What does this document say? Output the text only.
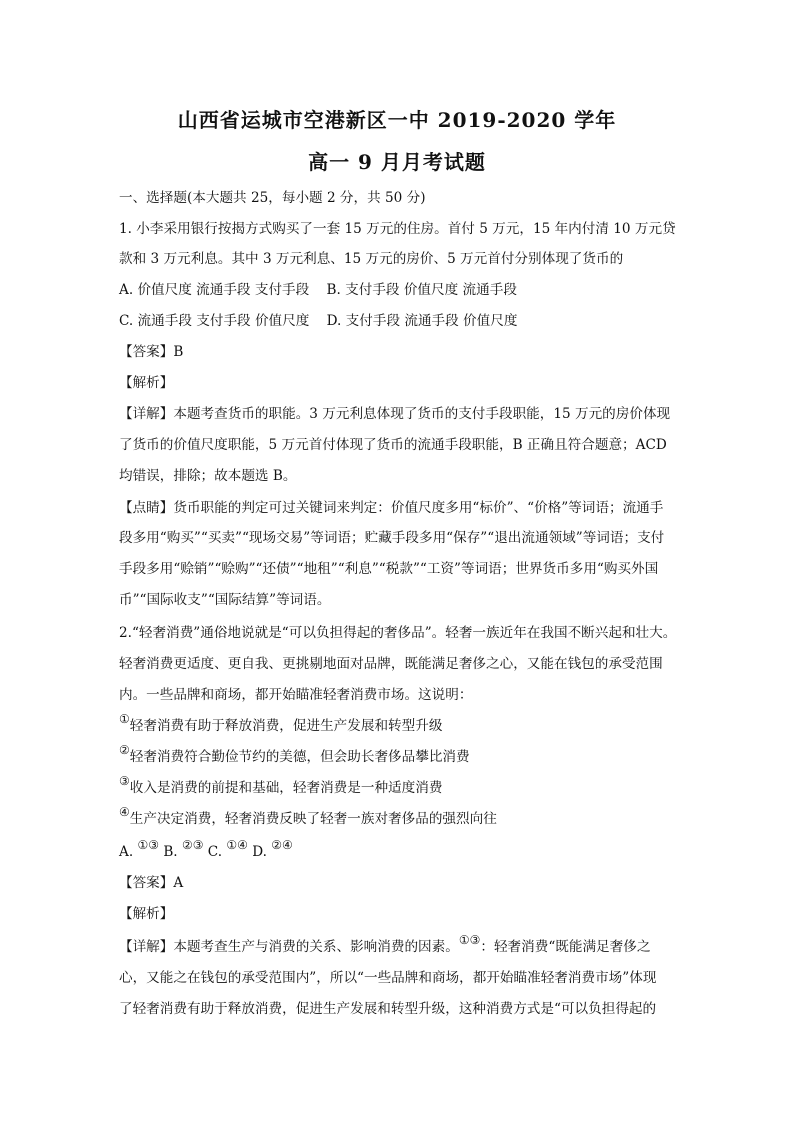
山西省运城市空港新区一中 2019-2020 学年
高一 9 月月考试题
一、选择题(本大题共 25，每小题 2 分，共 50 分)
1. 小李采用银行按揭方式购买了一套 15 万元的住房。首付 5 万元，15 年内付清 10 万元贷
款和 3 万元利息。其中 3 万元利息、15 万元的房价、5 万元首付分别体现了货币的
A. 价值尺度 流通手段 支付手段    B. 支付手段 价值尺度 流通手段
C. 流通手段 支付手段 价值尺度    D. 支付手段 流通手段 价值尺度
【答案】B
【解析】
【详解】本题考查货币的职能。3 万元利息体现了货币的支付手段职能，15 万元的房价体现
了货币的价值尺度职能，5 万元首付体现了货币的流通手段职能，B 正确且符合题意；ACD
均错误，排除；故本题选 B。
【点睛】货币职能的判定可过关键词来判定：价值尺度多用“标价”、“价格”等词语；流通手
段多用“购买”“买卖”“现场交易”等词语；贮藏手段多用“保存”“退出流通领域”等词语；支付
手段多用“赊销”“赊购”“还债”“地租”“利息”“税款”“工资”等词语；世界货币多用“购买外国
币”“国际收支”“国际结算”等词语。
2.“轻奢消费”通俗地说就是“可以负担得起的奢侈品”。轻奢一族近年在我国不断兴起和壮大。
轻奢消费更适度、更自我、更挑剔地面对品牌，既能满足奢侈之心，又能在钱包的承受范围
内。一些品牌和商场，都开始瞄准轻奢消费市场。这说明：
①轻奢消费有助于释放消费，促进生产发展和转型升级
②轻奢消费符合勤俭节约的美德，但会助长奢侈品攀比消费
③收入是消费的前提和基础，轻奢消费是一种适度消费
④生产决定消费，轻奢消费反映了轻奢一族对奢侈品的强烈向往
A. ①③ B. ②③ C. ①④ D. ②④
【答案】A
【解析】
【详解】本题考查生产与消费的关系、影响消费的因素。①③：轻奢消费“既能满足奢侈之
心，又能之在钱包的承受范围内”，所以“一些品牌和商场，都开始瞄准轻奢消费市场”体现
了轻奢消费有助于释放消费，促进生产发展和转型升级，这种消费方式是“可以负担得起的
